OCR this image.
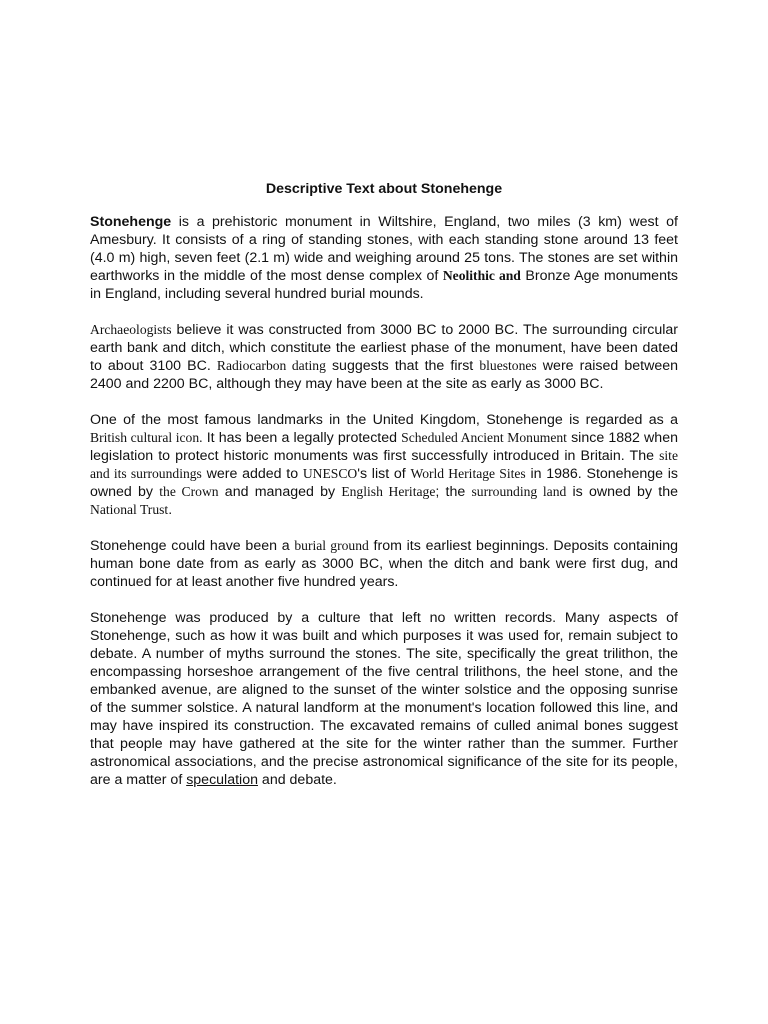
Descriptive Text about Stonehenge

Stonehenge is a prehistoric monument in Wiltshire, England, two miles (3 km) west of Amesbury. It consists of a ring of standing stones, with each standing stone around 13 feet (4.0 m) high, seven feet (2.1 m) wide and weighing around 25 tons. The stones are set within earthworks in the middle of the most dense complex of Neolithic and Bronze Age monuments in England, including several hundred burial mounds.

Archaeologists believe it was constructed from 3000 BC to 2000 BC. The surrounding circular earth bank and ditch, which constitute the earliest phase of the monument, have been dated to about 3100 BC. Radiocarbon dating suggests that the first bluestones were raised between 2400 and 2200 BC, although they may have been at the site as early as 3000 BC.

One of the most famous landmarks in the United Kingdom, Stonehenge is regarded as a British cultural icon. It has been a legally protected Scheduled Ancient Monument since 1882 when legislation to protect historic monuments was first successfully introduced in Britain. The site and its surroundings were added to UNESCO's list of World Heritage Sites in 1986. Stonehenge is owned by the Crown and managed by English Heritage; the surrounding land is owned by the National Trust.

Stonehenge could have been a burial ground from its earliest beginnings. Deposits containing human bone date from as early as 3000 BC, when the ditch and bank were first dug, and continued for at least another five hundred years.

Stonehenge was produced by a culture that left no written records. Many aspects of Stonehenge, such as how it was built and which purposes it was used for, remain subject to debate. A number of myths surround the stones. The site, specifically the great trilithon, the encompassing horseshoe arrangement of the five central trilithons, the heel stone, and the embanked avenue, are aligned to the sunset of the winter solstice and the opposing sunrise of the summer solstice. A natural landform at the monument's location followed this line, and may have inspired its construction. The excavated remains of culled animal bones suggest that people may have gathered at the site for the winter rather than the summer. Further astronomical associations, and the precise astronomical significance of the site for its people, are a matter of speculation and debate.
